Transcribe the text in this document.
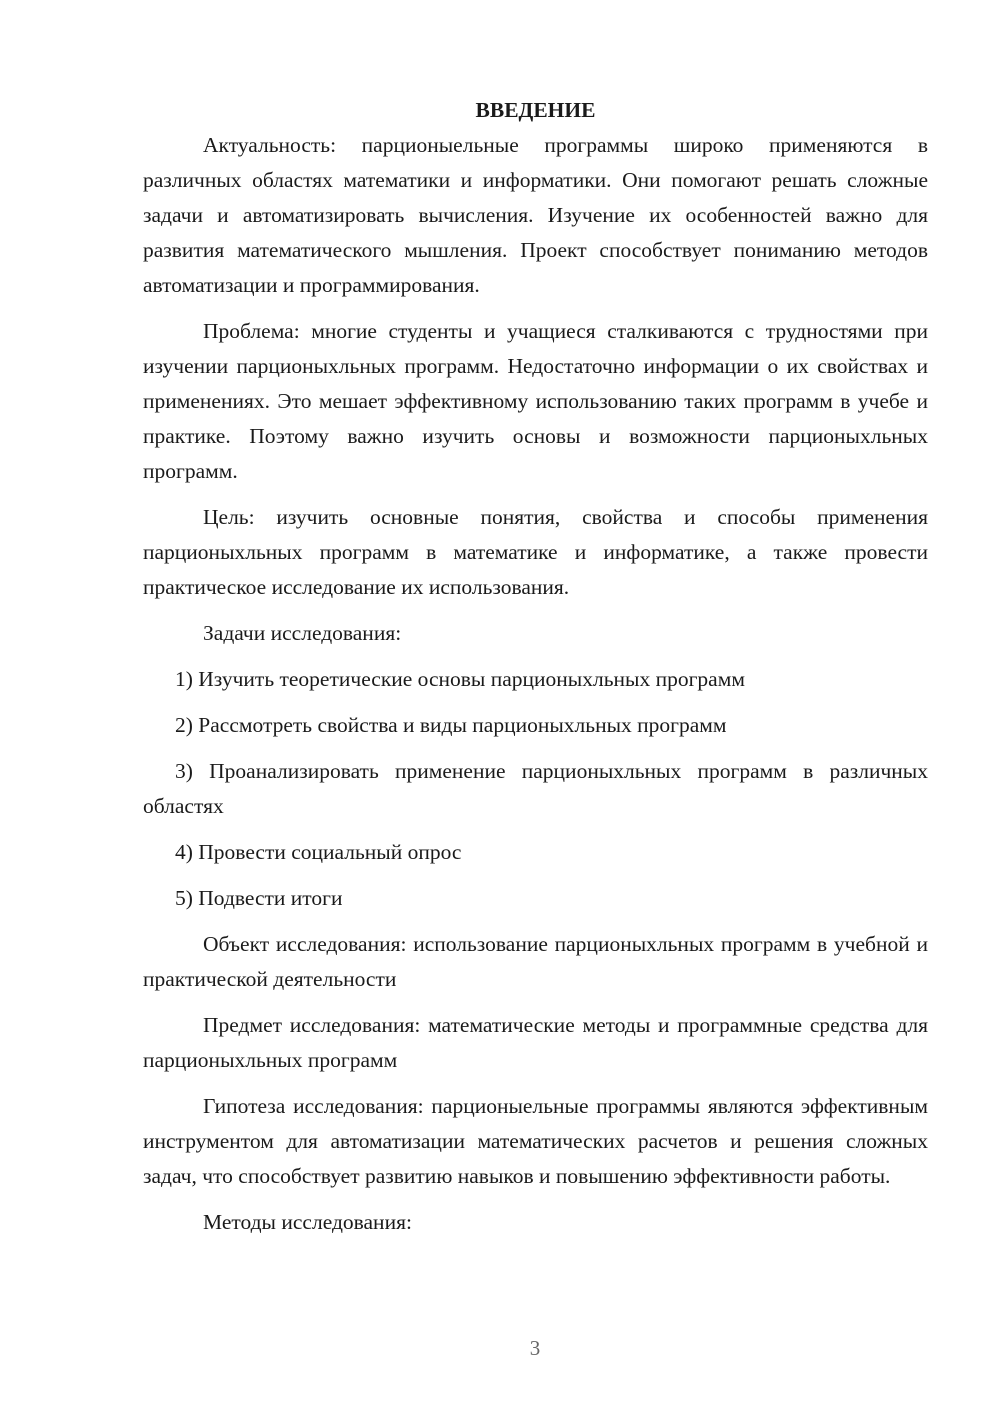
ВВЕДЕНИЕ

Актуальность: парционыельные программы широко применяются в различных областях математики и информатики. Они помогают решать сложные задачи и автоматизировать вычисления. Изучение их особенностей важно для развития математического мышления. Проект способствует пониманию методов автоматизации и программирования.

Проблема: многие студенты и учащиеся сталкиваются с трудностями при изучении парционыхльных программ. Недостаточно информации о их свойствах и применениях. Это мешает эффективному использованию таких программ в учебе и практике. Поэтому важно изучить основы и возможности парционыхльных программ.

Цель: изучить основные понятия, свойства и способы применения парционыхльных программ в математике и информатике, а также провести практическое исследование их использования.

Задачи исследования:

1) Изучить теоретические основы парционыхльных программ

2) Рассмотреть свойства и виды парционыхльных программ

3) Проанализировать применение парционыхльных программ в различных областях

4) Провести социальный опрос

5) Подвести итоги

Объект исследования: использование парционыхльных программ в учебной и практической деятельности

Предмет исследования: математические методы и программные средства для парционыхльных программ

Гипотеза исследования: парционыельные программы являются эффективным инструментом для автоматизации математических расчетов и решения сложных задач, что способствует развитию навыков и повышению эффективности работы.

Методы исследования:

3
